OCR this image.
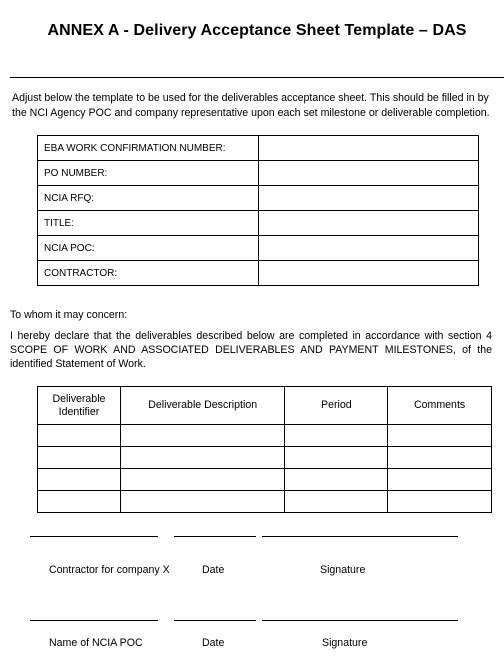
ANNEX A - Delivery Acceptance Sheet Template – DAS
Adjust below the template to be used for the deliverables acceptance sheet. This should be filled in by the NCI Agency POC and company representative upon each set milestone or deliverable completion.
EBA WORK CONFIRMATION NUMBER:	
PO NUMBER:	
NCIA RFQ:	
TITLE:	
NCIA POC:	
CONTRACTOR:	
To whom it may concern:
I hereby declare that the deliverables described below are completed in accordance with section 4 SCOPE OF WORK AND ASSOCIATED DELIVERABLES AND PAYMENT MILESTONES, of the identified Statement of Work.
Deliverable Identifier	Deliverable Description	Period	Comments

Contractor for company X	Date	Signature
Name of NCIA POC	Date	Signature
